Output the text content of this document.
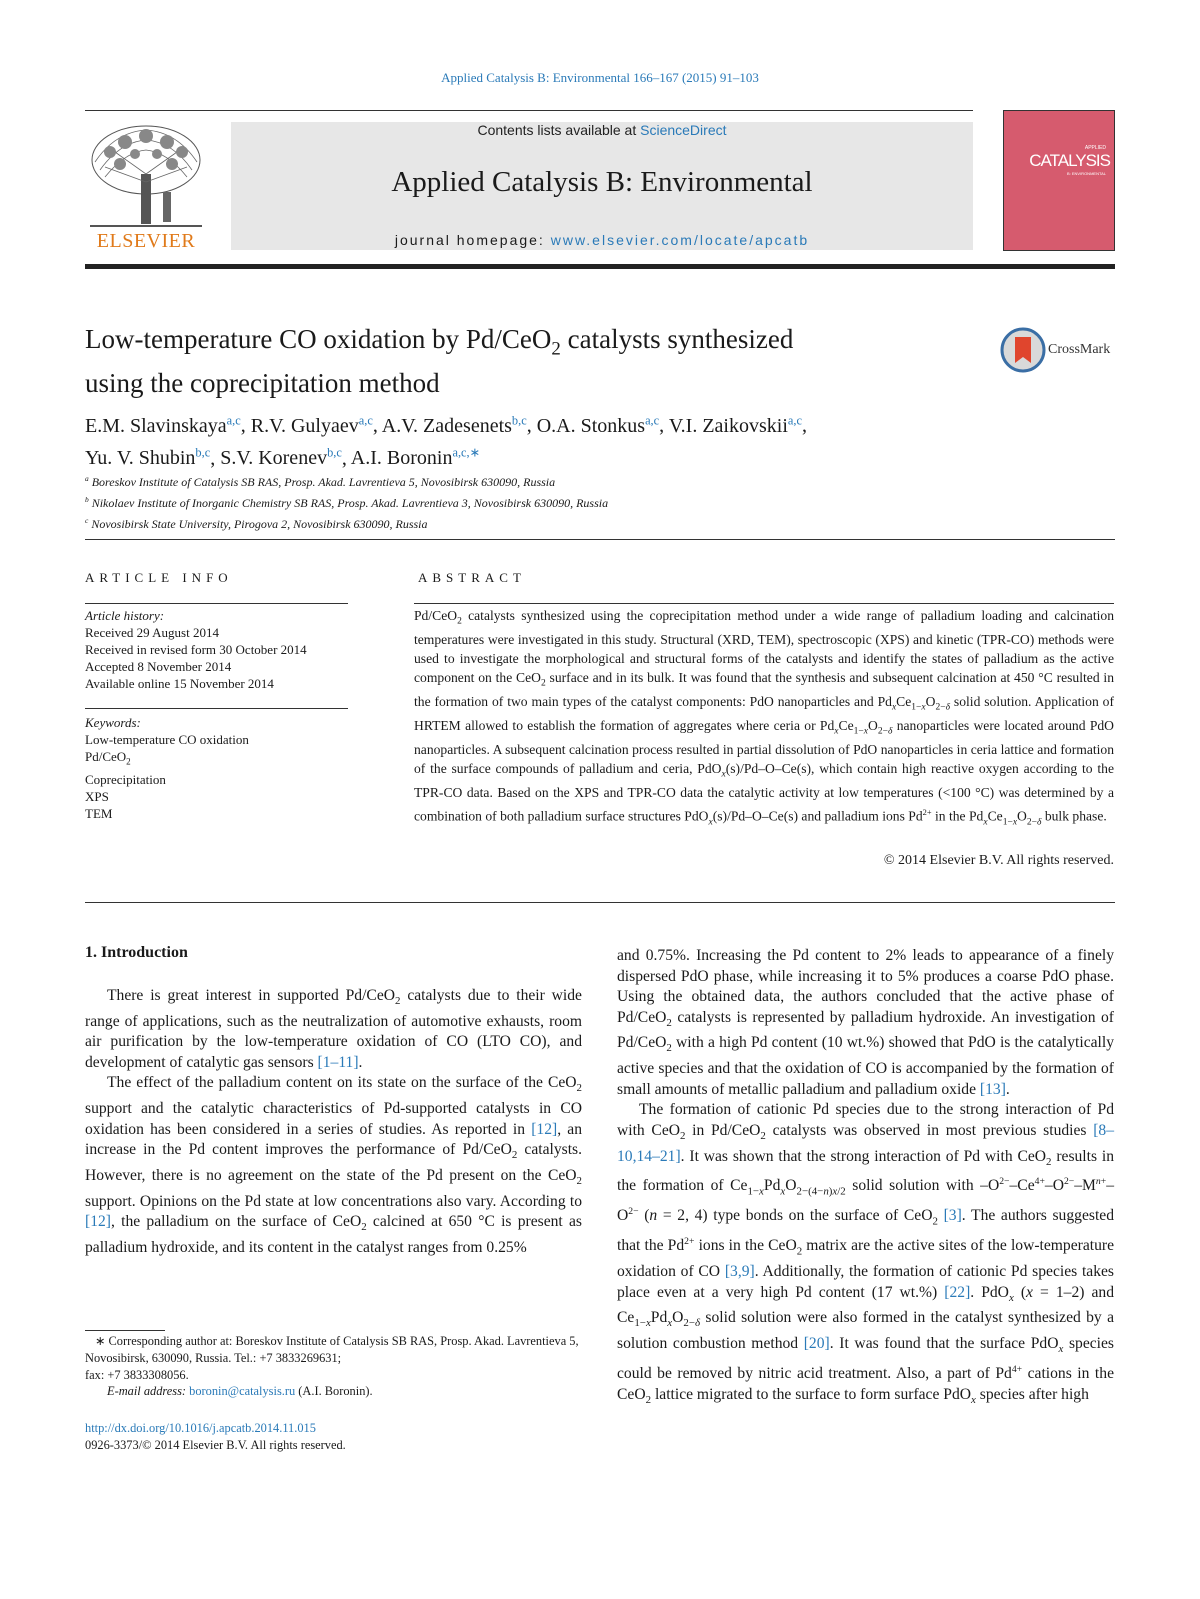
Applied Catalysis B: Environmental 166–167 (2015) 91–103
ELSEVIER
Contents lists available at ScienceDirect
Applied Catalysis B: Environmental
journal homepage: www.elsevier.com/locate/apcatb
APPLIED
CATALYSIS
B: ENVIRONMENTAL
Low-temperature CO oxidation by Pd/CeO$_2$ catalysts synthesized
using the coprecipitation method
CrossMark
E.M. Slavinskaya$^{a,c}$, R.V. Gulyaev$^{a,c}$, A.V. Zadesenets$^{b,c}$, O.A. Stonkus$^{a,c}$, V.I. Zaikovskii$^{a,c}$,
Yu. V. Shubin$^{b,c}$, S.V. Korenev$^{b,c}$, A.I. Boronin$^{a,c,∗}$
$^a$ Boreskov Institute of Catalysis SB RAS, Prosp. Akad. Lavrentieva 5, Novosibirsk 630090, Russia
$^b$ Nikolaev Institute of Inorganic Chemistry SB RAS, Prosp. Akad. Lavrentieva 3, Novosibirsk 630090, Russia
$^c$ Novosibirsk State University, Pirogova 2, Novosibirsk 630090, Russia
ARTICLE INFO	ABSTRACT
Article history:
Received 29 August 2014
Received in revised form 30 October 2014
Accepted 8 November 2014
Available online 15 November 2014
Keywords:
Low-temperature CO oxidation
Pd/CeO$_2$
Coprecipitation
XPS
TEM
Pd/CeO$_2$ catalysts synthesized using the coprecipitation method under a wide range of palladium loading and calcination temperatures were investigated in this study. Structural (XRD, TEM), spectroscopic (XPS) and kinetic (TPR-CO) methods were used to investigate the morphological and structural forms of the catalysts and identify the states of palladium as the active component on the CeO$_2$ surface and in its bulk. It was found that the synthesis and subsequent calcination at 450 °C resulted in the formation of two main types of the catalyst components: PdO nanoparticles and $Pd_xCe_{1-x}O_{2-\delta}$ solid solution. Application of HRTEM allowed to establish the formation of aggregates where ceria or $Pd_xCe_{1-x}O_{2-\delta}$ nanoparticles were located around PdO nanoparticles. A subsequent calcination process resulted in partial dissolution of PdO nanoparticles in ceria lattice and formation of the surface compounds of palladium and ceria, PdO$_x$(s)/Pd–O–Ce(s), which contain high reactive oxygen according to the TPR-CO data. Based on the XPS and TPR-CO data the catalytic activity at low temperatures (<100 °C) was determined by a combination of both palladium surface structures PdO$_x$(s)/Pd–O–Ce(s) and palladium ions $Pd^{2+}$ in the $Pd_xCe_{1-x}O_{2-\delta}$ bulk phase.
© 2014 Elsevier B.V. All rights reserved.
1. Introduction

There is great interest in supported Pd/CeO$_2$ catalysts due to their wide range of applications, such as the neutralization of automotive exhausts, room air purification by the low-temperature oxidation of CO (LTO CO), and development of catalytic gas sensors [1–11].

The effect of the palladium content on its state on the surface of the CeO$_2$ support and the catalytic characteristics of Pd-supported catalysts in CO oxidation has been considered in a series of studies. As reported in [12], an increase in the Pd content improves the performance of Pd/CeO$_2$ catalysts. However, there is no agreement on the state of the Pd present on the CeO$_2$ support. Opinions on the Pd state at low concentrations also vary. According to [12], the palladium on the surface of CeO$_2$ calcined at 650 °C is present as palladium hydroxide, and its content in the catalyst ranges from 0.25%

and 0.75%. Increasing the Pd content to 2% leads to appearance of a finely dispersed PdO phase, while increasing it to 5% produces a coarse PdO phase. Using the obtained data, the authors concluded that the active phase of Pd/CeO$_2$ catalysts is represented by palladium hydroxide. An investigation of Pd/CeO$_2$ with a high Pd content (10 wt.%) showed that PdO is the catalytically active species and that the oxidation of CO is accompanied by the formation of small amounts of metallic palladium and palladium oxide [13].

The formation of cationic Pd species due to the strong interaction of Pd with CeO$_2$ in Pd/CeO$_2$ catalysts was observed in most previous studies [8–10,14–21]. It was shown that the strong interaction of Pd with CeO$_2$ results in the formation of $Ce_{1-x}Pd_xO_{2-(4-n)x/2}$ solid solution with $-O^{2-}-Ce^{4+}-O^{2-}-M^{n+}-O^{2-}$ (n = 2, 4) type bonds on the surface of CeO$_2$ [3]. The authors suggested that the $Pd^{2+}$ ions in the CeO$_2$ matrix are the active sites of the low-temperature oxidation of CO [3,9]. Additionally, the formation of cationic Pd species takes place even at a very high Pd content (17 wt.%) [22]. PdO$_x$ (x = 1–2) and $Ce_{1-x}Pd_xO_{2-\delta}$ solid solution were also formed in the catalyst synthesized by a solution combustion method [20]. It was found that the surface PdO$_x$ species could be removed by nitric acid treatment. Also, a part of $Pd^{4+}$ cations in the CeO$_2$ lattice migrated to the surface to form surface PdO$_x$ species after high

∗ Corresponding author at: Boreskov Institute of Catalysis SB RAS, Prosp. Akad. Lavrentieva 5, Novosibirsk, 630090, Russia. Tel.: +7 3833269631;
fax: +7 3833308056.
E-mail address: boronin@catalysis.ru (A.I. Boronin).
http://dx.doi.org/10.1016/j.apcatb.2014.11.015
0926-3373/© 2014 Elsevier B.V. All rights reserved.
